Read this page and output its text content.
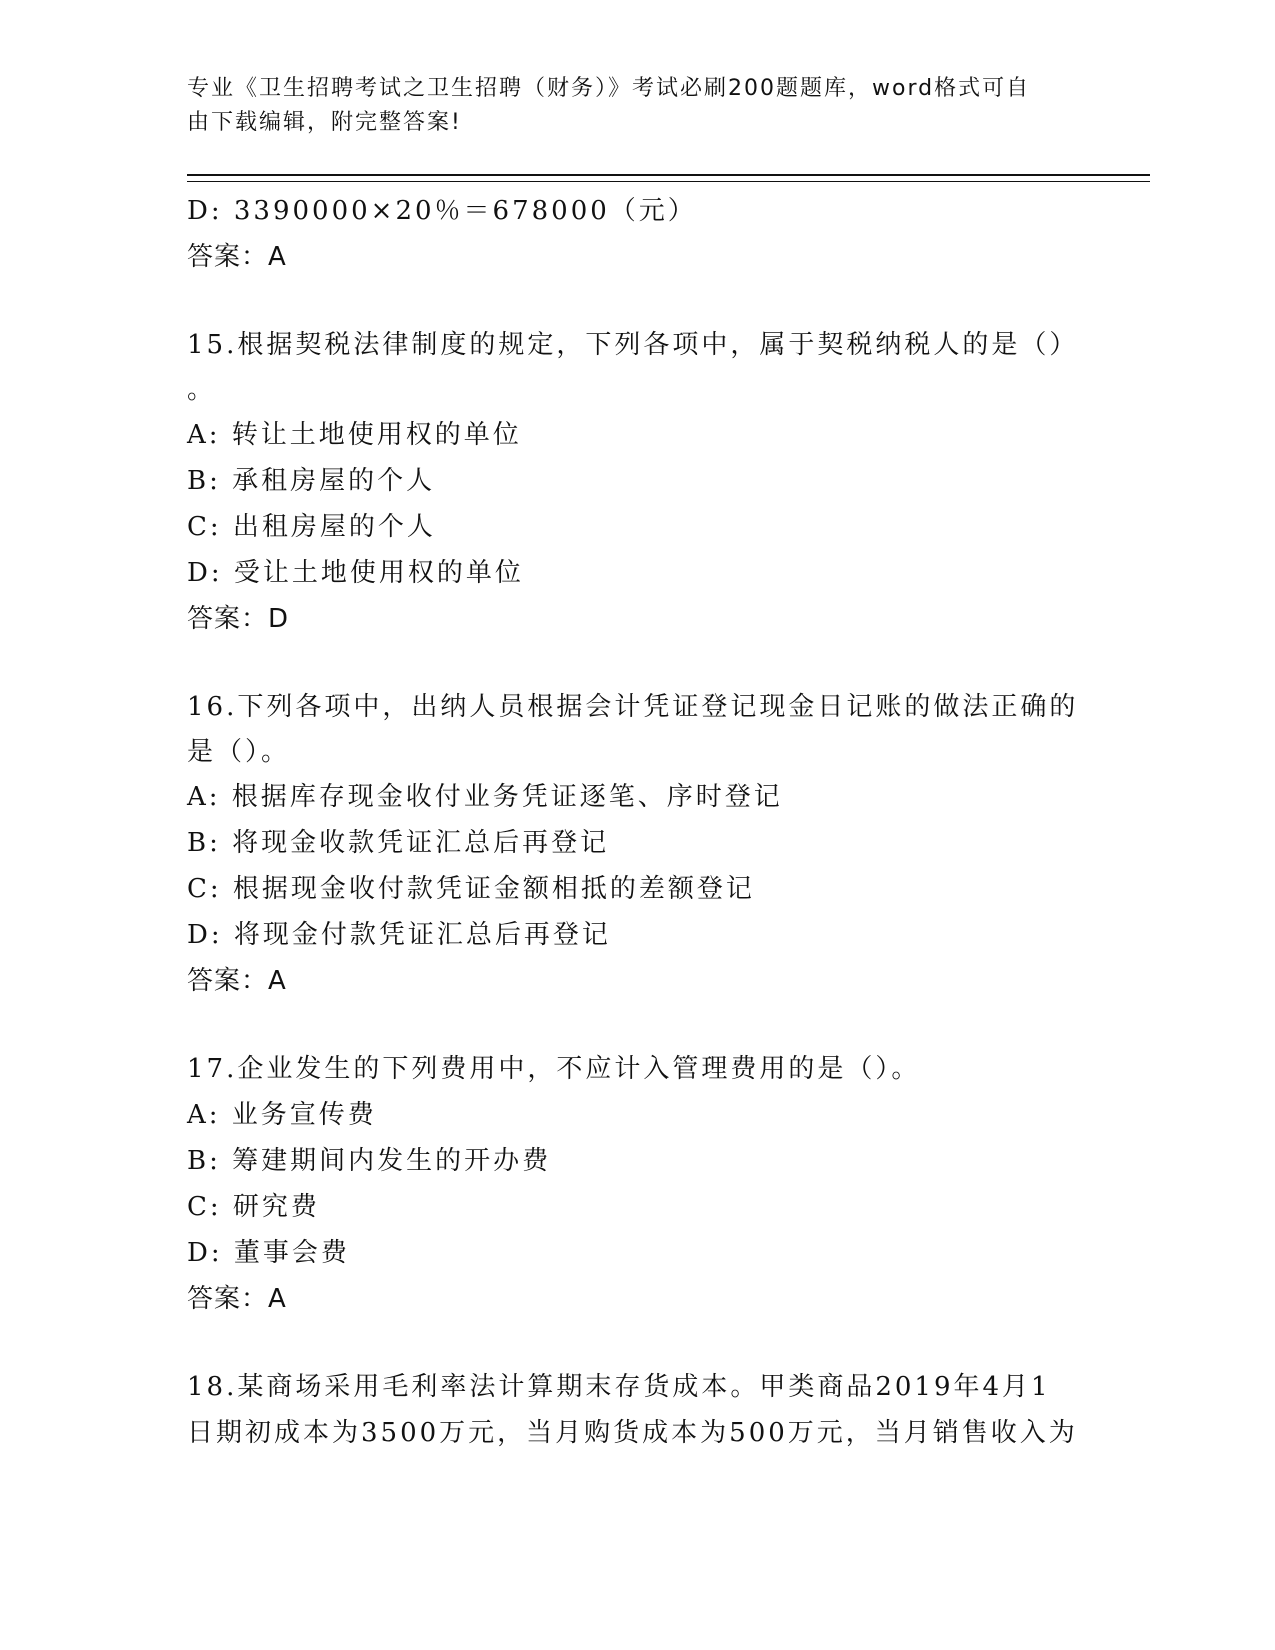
专业《卫生招聘考试之卫生招聘（财务）》考试必刷200题题库，word格式可自
由下载编辑，附完整答案!
D: 3390000×20％＝678000（元）
答案：A
15.根据契税法律制度的规定，下列各项中，属于契税纳税人的是（）
。
A: 转让土地使用权的单位
B: 承租房屋的个人
C: 出租房屋的个人
D: 受让土地使用权的单位
答案：D
16.下列各项中，出纳人员根据会计凭证登记现金日记账的做法正确的
是（）。
A: 根据库存现金收付业务凭证逐笔、序时登记
B: 将现金收款凭证汇总后再登记
C: 根据现金收付款凭证金额相抵的差额登记
D: 将现金付款凭证汇总后再登记
答案：A
17.企业发生的下列费用中，不应计入管理费用的是（）。
A: 业务宣传费
B: 筹建期间内发生的开办费
C: 研究费
D: 董事会费
答案：A
18.某商场采用毛利率法计算期末存货成本。甲类商品2019年4月1
日期初成本为3500万元，当月购货成本为500万元，当月销售收入为
